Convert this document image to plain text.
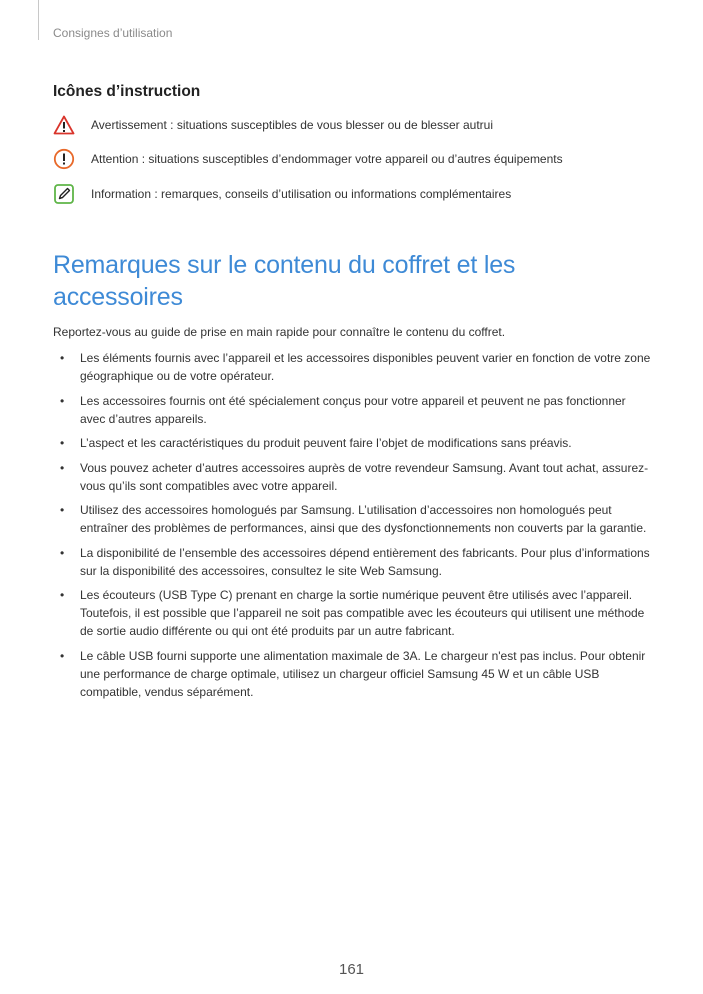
Consignes d’utilisation
Icônes d’instruction
Avertissement : situations susceptibles de vous blesser ou de blesser autrui
Attention : situations susceptibles d’endommager votre appareil ou d’autres équipements
Information : remarques, conseils d’utilisation ou informations complémentaires
Remarques sur le contenu du coffret et les accessoires
Reportez-vous au guide de prise en main rapide pour connaître le contenu du coffret.
• Les éléments fournis avec l’appareil et les accessoires disponibles peuvent varier en fonction de votre zone géographique ou de votre opérateur.
• Les accessoires fournis ont été spécialement conçus pour votre appareil et peuvent ne pas fonctionner avec d’autres appareils.
• L’aspect et les caractéristiques du produit peuvent faire l’objet de modifications sans préavis.
• Vous pouvez acheter d’autres accessoires auprès de votre revendeur Samsung. Avant tout achat, assurez-vous qu’ils sont compatibles avec votre appareil.
• Utilisez des accessoires homologués par Samsung. L’utilisation d’accessoires non homologués peut entraîner des problèmes de performances, ainsi que des dysfonctionnements non couverts par la garantie.
• La disponibilité de l’ensemble des accessoires dépend entièrement des fabricants. Pour plus d’informations sur la disponibilité des accessoires, consultez le site Web Samsung.
• Les écouteurs (USB Type C) prenant en charge la sortie numérique peuvent être utilisés avec l’appareil. Toutefois, il est possible que l’appareil ne soit pas compatible avec les écouteurs qui utilisent une méthode de sortie audio différente ou qui ont été produits par un autre fabricant.
• Le câble USB fourni supporte une alimentation maximale de 3A. Le chargeur n'est pas inclus. Pour obtenir une performance de charge optimale, utilisez un chargeur officiel Samsung 45 W et un câble USB compatible, vendus séparément.
161
